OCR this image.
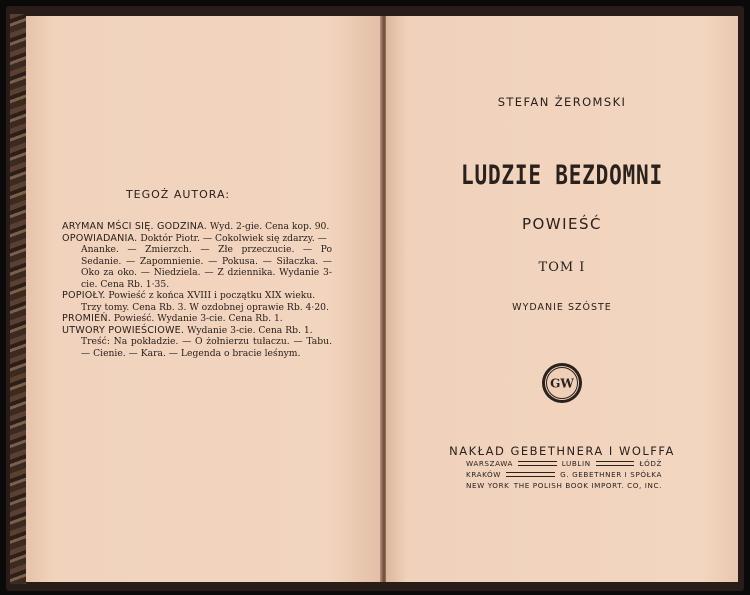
TEGOŻ AUTORA:
ARYMAN MŚCI SIĘ. GODZINA. Wyd. 2-gie. Cena kop. 90.
OPOWIADANIA. Doktór Piotr. — Cokolwiek się zdarzy. —
Ananke. — Zmierzch. — Złe przeczucie. — Po Sedanie. — Zapomnienie. — Pokusa. — Siłaczka. — Oko za oko. — Niedziela. — Z dziennika. Wydanie 3-cie. Cena Rb. 1·35.
POPIOŁY. Powieść z końca XVIII i początku XIX wieku.
Trzy tomy. Cena Rb. 3. W ozdobnej oprawie Rb. 4·20.
PROMIEŃ. Powieść. Wydanie 3-cie. Cena Rb. 1.
UTWORY POWIEŚCIOWE. Wydanie 3-cie. Cena Rb. 1.
Treść: Na pokładzie. — O żołnierzu tułaczu. — Tabu. — Cienie. — Kara. — Legenda o bracie leśnym.
STEFAN ŻEROMSKI
LUDZIE BEZDOMNI
POWIEŚĆ
TOM I
WYDANIE SZÓSTE
GW
NAKŁAD GEBETHNERA I WOLFFA
WARSZAWA	LUBLIN	ŁÓDŹ
KRAKÓW	G. GEBETHNER I SPÓŁKA
NEW YORK THE POLISH BOOK IMPORT. CO, INC.
